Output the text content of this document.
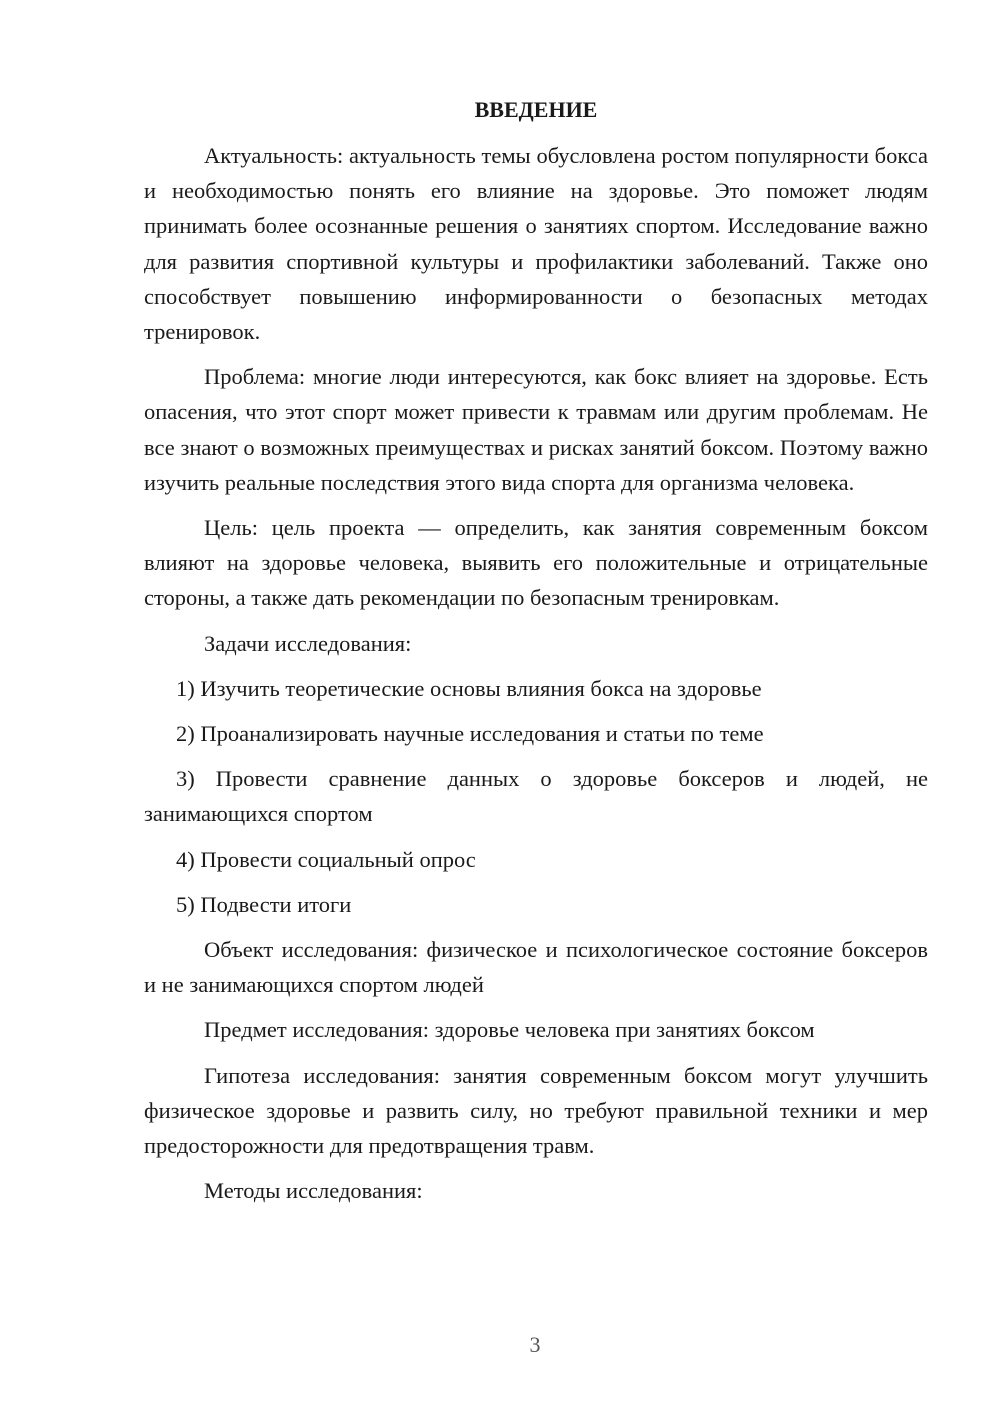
ВВЕДЕНИЕ

Актуальность: актуальность темы обусловлена ростом популярности бокса и необходимостью понять его влияние на здоровье. Это поможет людям принимать более осознанные решения о занятиях спортом. Исследование важно для развития спортивной культуры и профилактики заболеваний. Также оно способствует повышению информированности о безопасных методах тренировок.

Проблема: многие люди интересуются, как бокс влияет на здоровье. Есть опасения, что этот спорт может привести к травмам или другим проблемам. Не все знают о возможных преимуществах и рисках занятий боксом. Поэтому важно изучить реальные последствия этого вида спорта для организма человека.

Цель: цель проекта — определить, как занятия современным боксом влияют на здоровье человека, выявить его положительные и отрицательные стороны, а также дать рекомендации по безопасным тренировкам.

Задачи исследования:

1) Изучить теоретические основы влияния бокса на здоровье

2) Проанализировать научные исследования и статьи по теме

3) Провести сравнение данных о здоровье боксеров и людей, не занимающихся спортом

4) Провести социальный опрос

5) Подвести итоги

Объект исследования: физическое и психологическое состояние боксеров и не занимающихся спортом людей

Предмет исследования: здоровье человека при занятиях боксом

Гипотеза исследования: занятия современным боксом могут улучшить физическое здоровье и развить силу, но требуют правильной техники и мер предосторожности для предотвращения травм.

Методы исследования:

3
